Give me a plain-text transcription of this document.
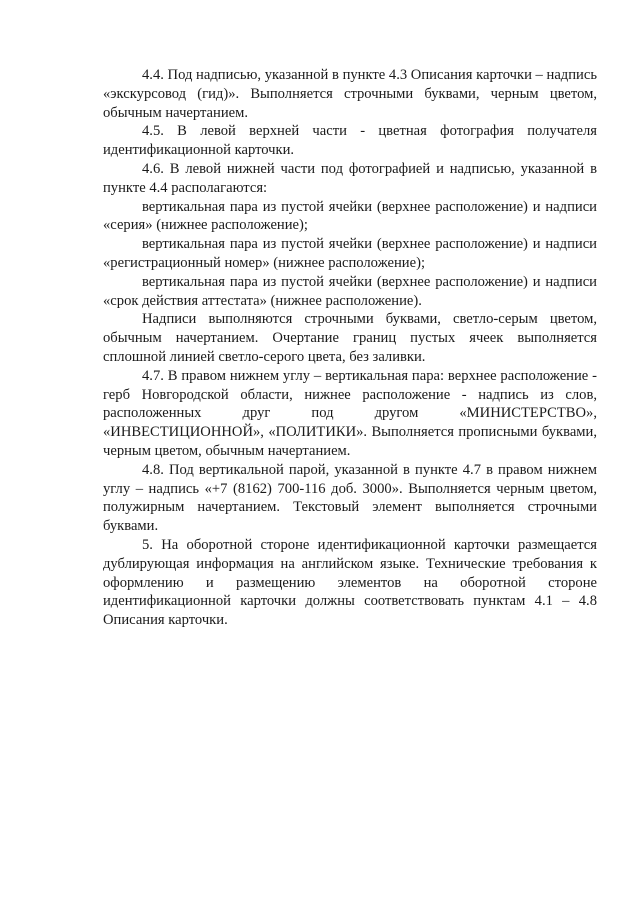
4.4. Под надписью, указанной в пункте 4.3 Описания карточки – надпись «экскурсовод (гид)». Выполняется строчными буквами, черным цветом, обычным начертанием.

4.5. В левой верхней части - цветная фотография получателя идентификационной карточки.

4.6. В левой нижней части под фотографией и надписью, указанной в пункте 4.4 располагаются:

вертикальная пара из пустой ячейки (верхнее расположение) и надписи «серия» (нижнее расположение);

вертикальная пара из пустой ячейки (верхнее расположение) и надписи «регистрационный номер» (нижнее расположение);

вертикальная пара из пустой ячейки (верхнее расположение) и надписи «срок действия аттестата» (нижнее расположение).

Надписи выполняются строчными буквами, светло-серым цветом, обычным начертанием. Очертание границ пустых ячеек выполняется сплошной линией светло-серого цвета, без заливки.

4.7. В правом нижнем углу – вертикальная пара: верхнее расположение - герб Новгородской области, нижнее расположение - надпись из слов, расположенных друг под другом «МИНИСТЕРСТВО», «ИНВЕСТИЦИОННОЙ», «ПОЛИТИКИ». Выполняется прописными буквами, черным цветом, обычным начертанием.

4.8. Под вертикальной парой, указанной в пункте 4.7 в правом нижнем углу – надпись «+7 (8162) 700-116 доб. 3000». Выполняется черным цветом, полужирным начертанием. Текстовый элемент выполняется строчными буквами.

5. На оборотной стороне идентификационной карточки размещается дублирующая информация на английском языке. Технические требования к оформлению и размещению элементов на оборотной стороне идентификационной карточки должны соответствовать пунктам 4.1 – 4.8 Описания карточки.
